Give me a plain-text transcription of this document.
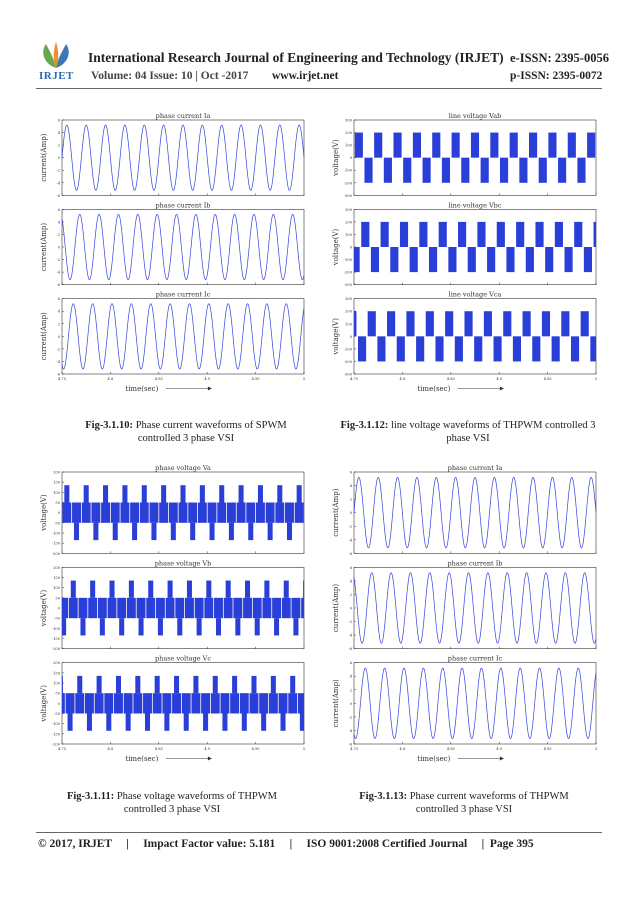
IRJET
International Research Journal of Engineering and Technology (IRJET) e-ISSN: 2395-0056
Volume: 04 Issue: 10 | Oct -2017 www.irjet.net	p-ISSN: 2395-0072
phase current Ia
-6
-4
-2
0
2
4
6
phase current Ib
-6
-4
-2
0
2
4
6
phase current Ic
-6
-4
-2
0
2
4
6
4.75	4.8	4.85	4.9	4.95	5
current(Amp)
current(Amp)
current(Amp)
time(sec)
line voltage Vab
-300
-200
-100
0
100
200
300
line voltage Vbc
-300
-200
-100
0
100
200
300
line voltage Vca
-300
-200
-100
0
100
200
300
4.75	4.8	4.85	4.9	4.95	5
voltage(V)
voltage(V)
voltage(V)
time(sec)
phase voltage Va
-200
-150
-100
-50
0
50
100
150
200
phase voltage Vb
-200
-150
-100
-50
0
50
100
150
200
phase voltage Vc
-200
-150
-100
-50
0
50
100
150
200
4.75	4.8	4.85	4.9	4.95	5
voltage(V)
voltage(V)
voltage(V)
time(sec)
phase current Ia
-6
-4
-2
0
2
4
6
phase current Ib
-6
-4
-2
0
2
4
6
phase current Ic
-6
-4
-2
0
2
4
6
4.75	4.8	4.85	4.9	4.95	5
current(Amp)
current(Amp)
current(Amp)
time(sec)
Fig-3.1.10: Phase current waveforms of SPWM controlled 3 phase VSI
Fig-3.1.12: line voltage waveforms of THPWM controlled 3 phase VSI
Fig-3.1.11: Phase voltage waveforms of THPWM controlled 3 phase VSI
Fig-3.1.13: Phase current waveforms of THPWM controlled 3 phase VSI
© 2017, IRJET     |     Impact Factor value: 5.181     |     ISO 9001:2008 Certified Journal     |  Page 395
